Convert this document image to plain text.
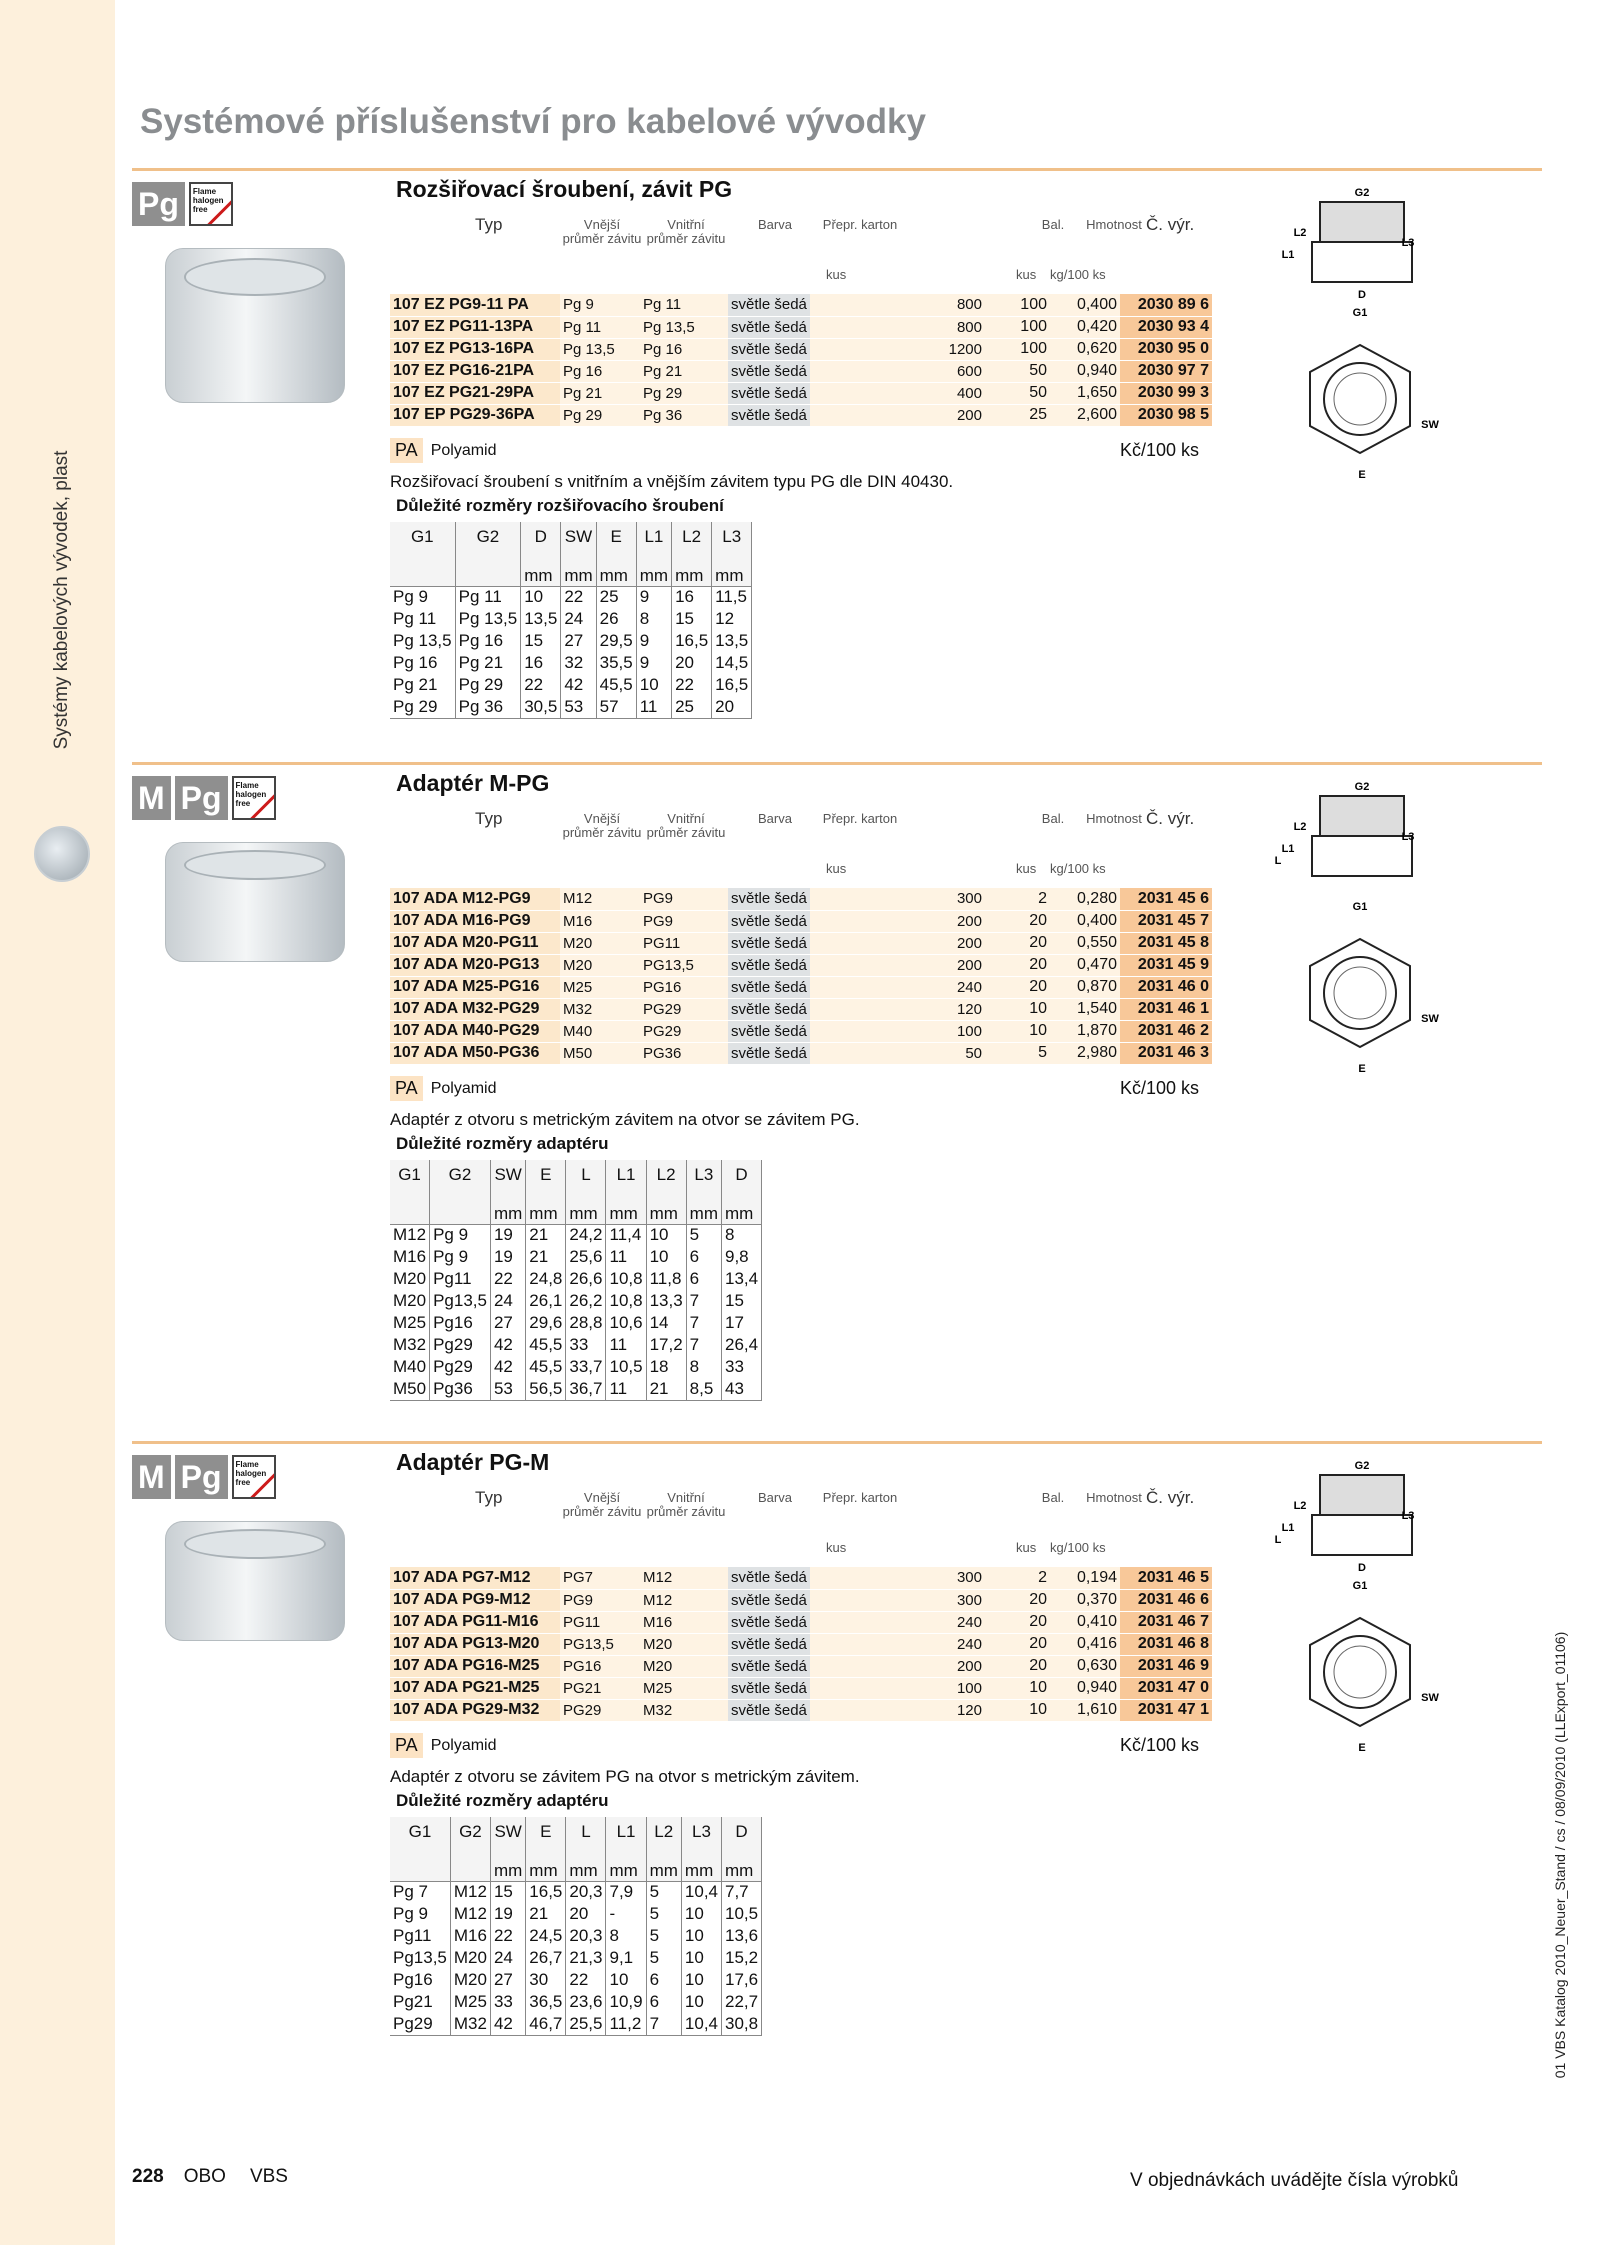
Systémy kabelových vývodek, plast
Systémové příslušenství pro kabelové vývodky
Pg	Flame halogen free
Rozšiřovací šroubení, závit PG
Typ	Vnější průměr závitu
Vnitřní průměr závitu
Barva	Přepr. karton	Bal.	Hmotnost Č. výr.
kus	kus kg/100 ks
107 EZ PG9-11 PA	Pg 9	Pg 11	světle šedá	800	100	0,400	2030 89 6
107 EZ PG11-13PA	Pg 11	Pg 13,5	světle šedá	800	100	0,420	2030 93 4
107 EZ PG13-16PA	Pg 13,5	Pg 16	světle šedá	1200	100	0,620	2030 95 0
107 EZ PG16-21PA	Pg 16	Pg 21	světle šedá	600	50	0,940	2030 97 7
107 EZ PG21-29PA	Pg 21	Pg 29	světle šedá	400	50	1,650	2030 99 3
107 EP PG29-36PA	Pg 29	Pg 36	světle šedá	200	25	2,600	2030 98 5
PA Polyamid	Kč/100 ks
Rozšiřovací šroubení s vnitřním a vnějším závitem typu PG dle DIN 40430.
Důležité rozměry rozšiřovacího šroubení
G1	G2	D	SW	E	L1	L2	L3
		mm	mm	mm	mm	mm	mm
Pg 9	Pg 11	10	22	25	9	16	11,5
Pg 11	Pg 13,5	13,5	24	26	8	15	12
Pg 13,5	Pg 16	15	27	29,5	9	16,5	13,5
Pg 16	Pg 21	16	32	35,5	9	20	14,5
Pg 21	Pg 29	22	42	45,5	10	22	16,5
Pg 29	Pg 36	30,5	53	57	11	25	20
G2
L1
L2
L3
D
G1
SW
E
M Pg	Flame halogen free
Adaptér M-PG
Typ	Vnější průměr závitu
Vnitřní průměr závitu
Barva	Přepr. karton	Bal.	Hmotnost Č. výr.
kus	kus kg/100 ks
107 ADA M12-PG9	M12	PG9	světle šedá	300	2	0,280	2031 45 6
107 ADA M16-PG9	M16	PG9	světle šedá	200	20	0,400	2031 45 7
107 ADA M20-PG11	M20	PG11	světle šedá	200	20	0,550	2031 45 8
107 ADA M20-PG13	M20	PG13,5	světle šedá	200	20	0,470	2031 45 9
107 ADA M25-PG16	M25	PG16	světle šedá	240	20	0,870	2031 46 0
107 ADA M32-PG29	M32	PG29	světle šedá	120	10	1,540	2031 46 1
107 ADA M40-PG29	M40	PG29	světle šedá	100	10	1,870	2031 46 2
107 ADA M50-PG36	M50	PG36	světle šedá	50	5	2,980	2031 46 3
PA Polyamid	Kč/100 ks
Adaptér z otvoru s metrickým závitem na otvor se závitem PG.
Důležité rozměry adaptéru
G1	G2	SW	E	L	L1	L2	L3	D
		mm	mm	mm	mm	mm	mm	mm
M12	Pg 9	19	21	24,2	11,4	10	5	8
M16	Pg 9	19	21	25,6	11	10	6	9,8
M20	Pg11	22	24,8	26,6	10,8	11,8	6	13,4
M20	Pg13,5	24	26,1	26,2	10,8	13,3	7	15
M25	Pg16	27	29,6	28,8	10,6	14	7	17
M32	Pg29	42	45,5	33	11	17,2	7	26,4
M40	Pg29	42	45,5	33,7	10,5	18	8	33
M50	Pg36	53	56,5	36,7	11	21	8,5	43
G2
L
L1
L2
L3
G1
E
SW
M Pg	Flame halogen free
Adaptér PG-M
Typ	Vnější průměr závitu
Vnitřní průměr závitu
Barva	Přepr. karton	Bal.	Hmotnost Č. výr.
kus	kus kg/100 ks
107 ADA PG7-M12	PG7	M12	světle šedá	300	2	0,194	2031 46 5
107 ADA PG9-M12	PG9	M12	světle šedá	300	20	0,370	2031 46 6
107 ADA PG11-M16	PG11	M16	světle šedá	240	20	0,410	2031 46 7
107 ADA PG13-M20	PG13,5	M20	světle šedá	240	20	0,416	2031 46 8
107 ADA PG16-M25	PG16	M20	světle šedá	200	20	0,630	2031 46 9
107 ADA PG21-M25	PG21	M25	světle šedá	100	10	0,940	2031 47 0
107 ADA PG29-M32	PG29	M32	světle šedá	120	10	1,610	2031 47 1
PA Polyamid	Kč/100 ks
Adaptér z otvoru se závitem PG na otvor s metrickým závitem.
Důležité rozměry adaptéru
G1	G2	SW	E	L	L1	L2	L3	D
		mm	mm	mm	mm	mm	mm	mm
Pg 7	M12	15	16,5	20,3	7,9	5	10,4	7,7
Pg 9	M12	19	21	20	-	5	10	10,5
Pg11	M16	22	24,5	20,3	8	5	10	13,6
Pg13,5	M20	24	26,7	21,3	9,1	5	10	15,2
Pg16	M20	27	30	22	10	6	10	17,6
Pg21	M25	33	36,5	23,6	10,9	6	10	22,7
Pg29	M32	42	46,7	25,5	11,2	7	10,4	30,8
G2
L
L1
L2
L3
D
G1
E
SW
228 OBO VBS	V objednávkách uvádějte čísla výrobků
01 VBS Katalog 2010_Neuer_Stand / cs / 08/09/2010 (LLExport_01106)
